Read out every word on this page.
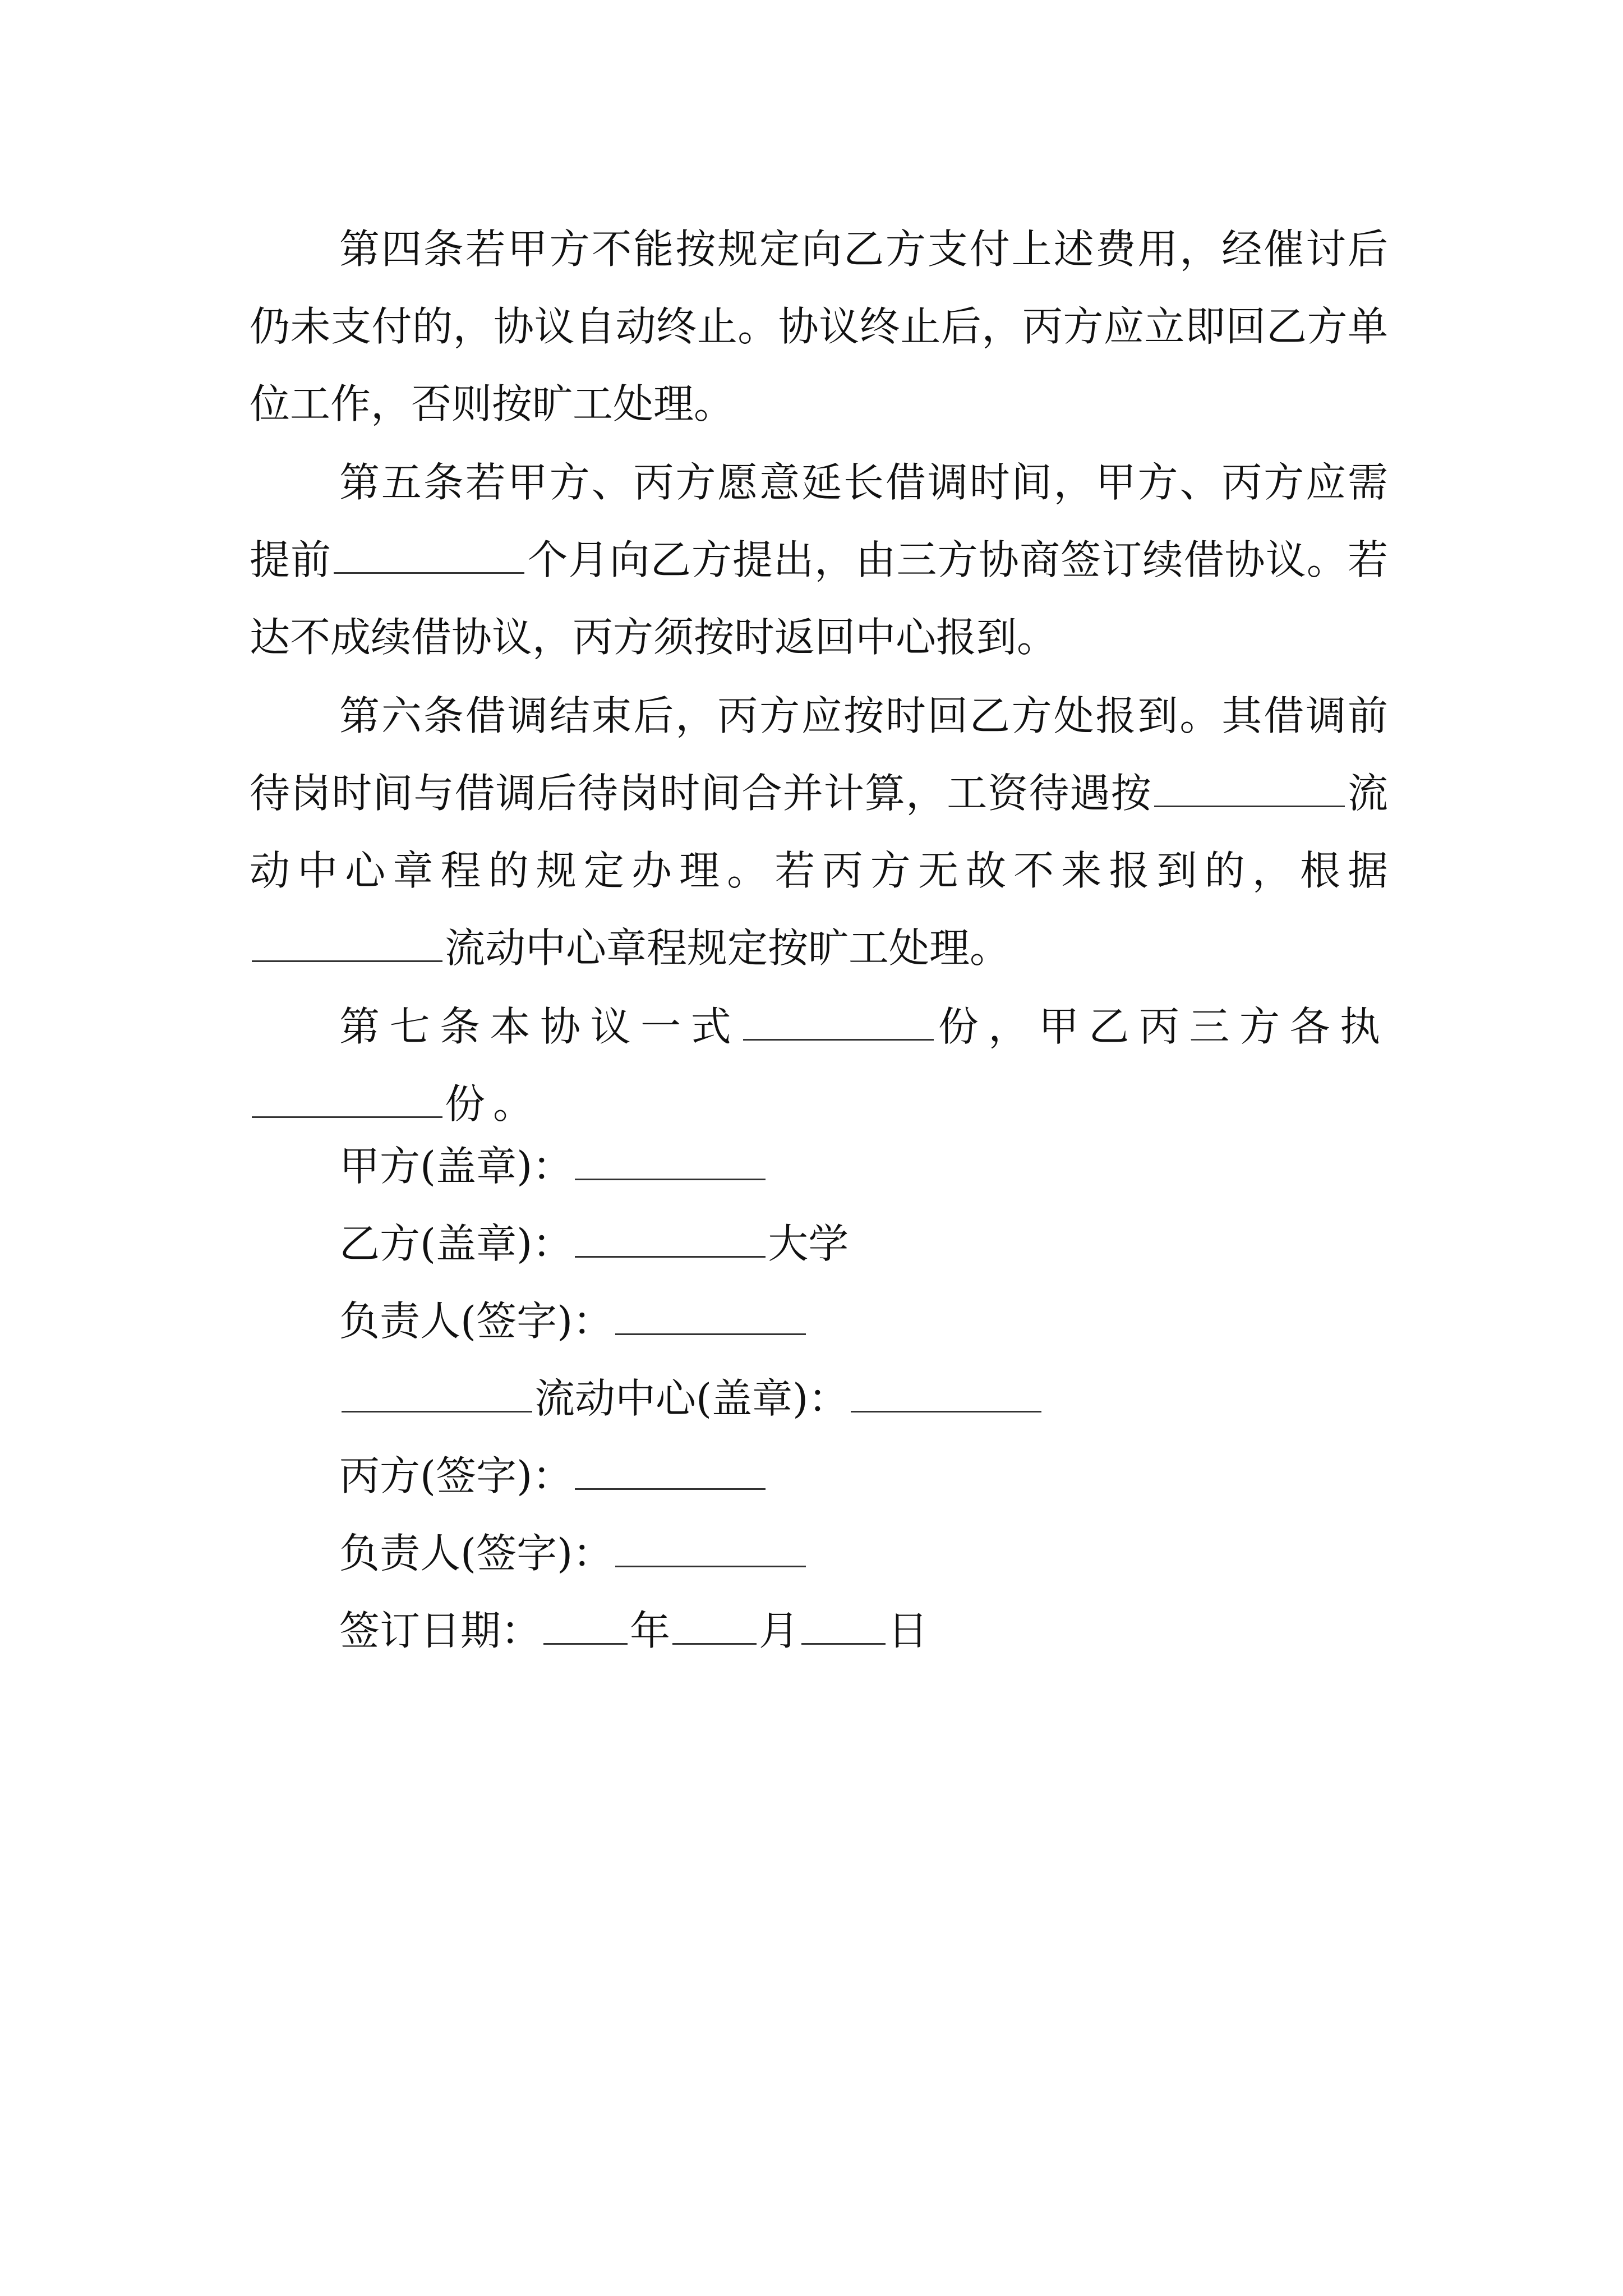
第四条若甲方不能按规定向乙方支付上述费用，经催讨后仍未支付的，协议自动终止。协议终止后，丙方应立即回乙方单位工作，否则按旷工处理。

第五条若甲方、丙方愿意延长借调时间，甲方、丙方应需提前	个月向乙方提出，由三方协商签订续借协议。若达不成续借协议，丙方须按时返回中心报到。

第六条借调结束后，丙方应按时回乙方处报到。其借调前待岗时间与借调后待岗时间合并计算，工资待遇按	流动中心章程的规定办理。若丙方无故不来报到的，根据流动中心章程规定按旷工处理。

第七条本协议一式	份，甲乙丙三方各执份。

甲方(盖章)：
乙方(盖章)：	大学
负责人(签字)：
流动中心(盖章)：
丙方(签字)：
负责人(签字)：
签订日期： 年 月 日
